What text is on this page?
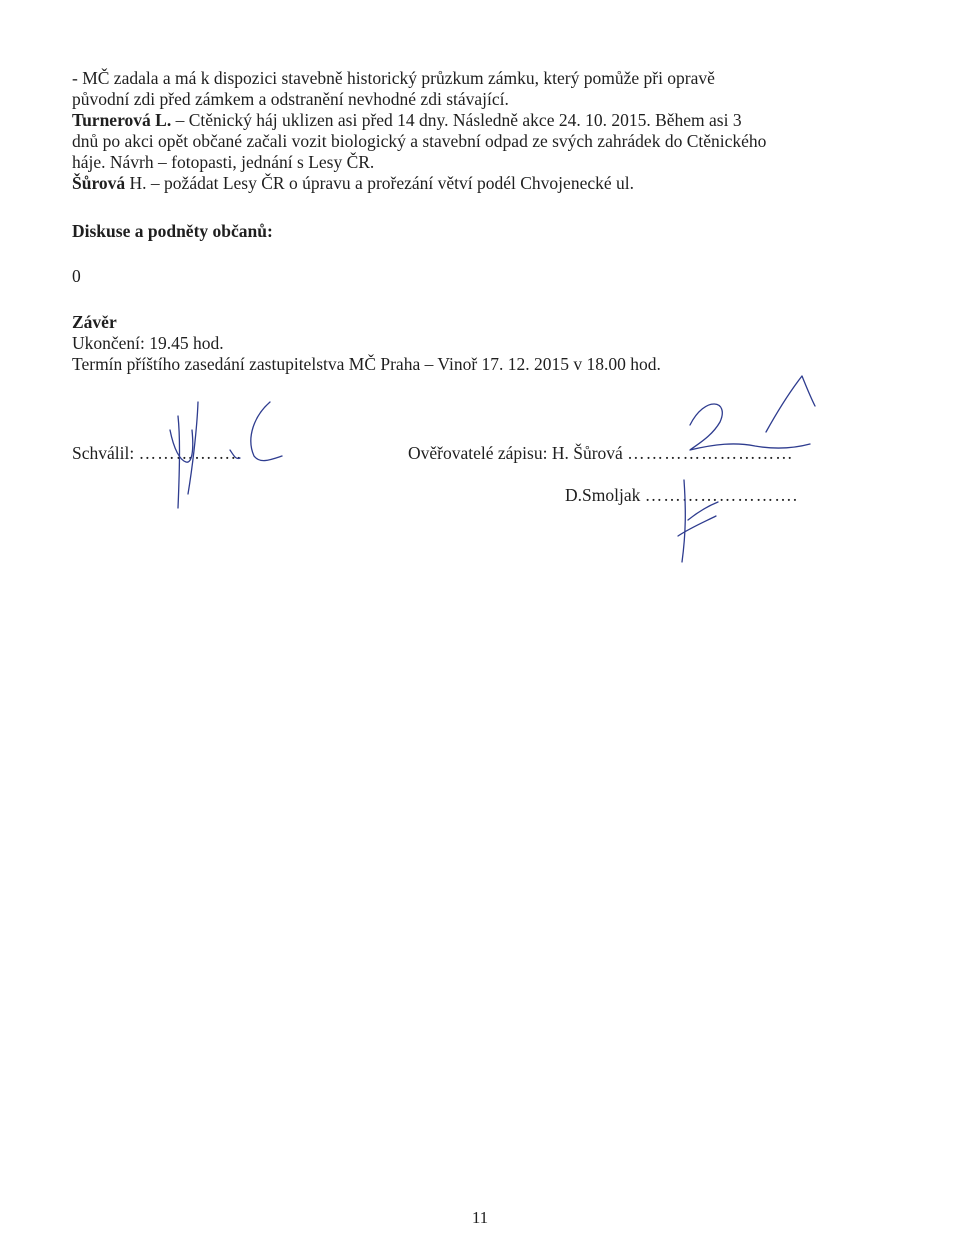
- MČ zadala a má k dispozici stavebně historický průzkum zámku, který pomůže při opravě
původní zdi před zámkem a odstranění nevhodné zdi stávající.
Turnerová L. – Ctěnický háj uklizen asi před 14 dny. Následně akce 24. 10. 2015. Během asi 3
dnů po akci opět občané začali vozit biologický a stavební odpad ze svých zahrádek do Ctěnického
háje. Návrh – fotopasti, jednání s Lesy ČR.
Šůrová H. – požádat Lesy ČR o úpravu a prořezání větví podél Chvojenecké ul.
Diskuse a podněty občanů:
0
Závěr
Ukončení: 19.45 hod.
Termín příštího zasedání zastupitelstva MČ Praha – Vinoř 17. 12. 2015 v 18.00 hod.
Schválil: ……………..	Ověřovatelé zápisu: H. Šůrová ………………………
D.Smoljak …………………….
11
